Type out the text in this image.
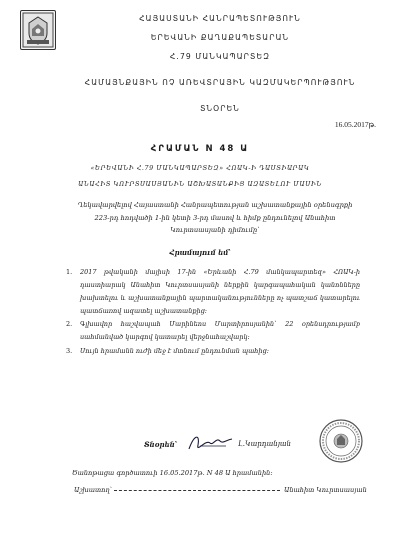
ՀԱՅԱՍՏԱՆԻ ՀԱՆՐԱՊԵՏՈՒԹՅՈՒՆ
ԵՐԵՎԱՆԻ ՔԱՂԱՔԱՊԵՏԱՐԱՆ
Հ.79 ՄԱՆԿԱՊԱՐՏԵԶ
ՀԱՄԱՅՆՔԱՅԻՆ ՈՉ ԱՌԵՎՏՐԱՅԻՆ ԿԱԶՄԱԿԵՐՊՈՒԹՅՈՒՆ
ՏՆՕՐԵՆ
16.05.2017թ.
ՀՐԱՄԱՆ N 48 Ա
«ԵՐԵՎԱՆԻ Հ.79 ՄԱՆԿԱՊԱՐՏԵԶ» ՀՈԱԿ-Ի ԴԱՍՏԻԱՐԱԿ
ԱՆԱՀԻՏ ԿՈՒՐՏՍԱՍՅԱՆԻՆ ԱՇԽԱՏԱՆՔԻՑ ԱԶԱՏԵԼՈՒ ՄԱՍԻՆ
Ղեկավարվելով Հայաստանի Հանրապետության աշխատանքային օրենսգրքի 223-րդ հոդվածի 1-ին կետի 3-րդ մասով և հիմք ընդունելով Անահիտ Կուրտսասյանի դիմումը՝
Հրամայում եմ՝
1. 2017 թվականի մայիսի 17-ին «Երևանի Հ.79 մանկապարտեզ» ՀՈԱԿ-ի դաստիարակ Անահիտ Կուրտսասյանի ներքին կարգապահական կանոնները խախտելու և աշխատանքային պարտականությունները ոչ պատշաճ կատարելու պատճառով ազատել աշխատանքից:
2. Գլխավոր հաշվապահ Մարինեոս Մարտիրոսյանին՝ 22 օրենսդրությամբ սահմանված կարգով կատարել վերջնահաշվարկ:
3. Սույն հրամանն ուժի մեջ է մտնում ընդունման պահից:
Տնօրեն՝	Լ.Կարդանյան
Ծանոթացա գործատուի 16.05.2017թ. N 48 Ա հրամանին:
Աշխատող՝	Անահիտ Կուրտսասյան
